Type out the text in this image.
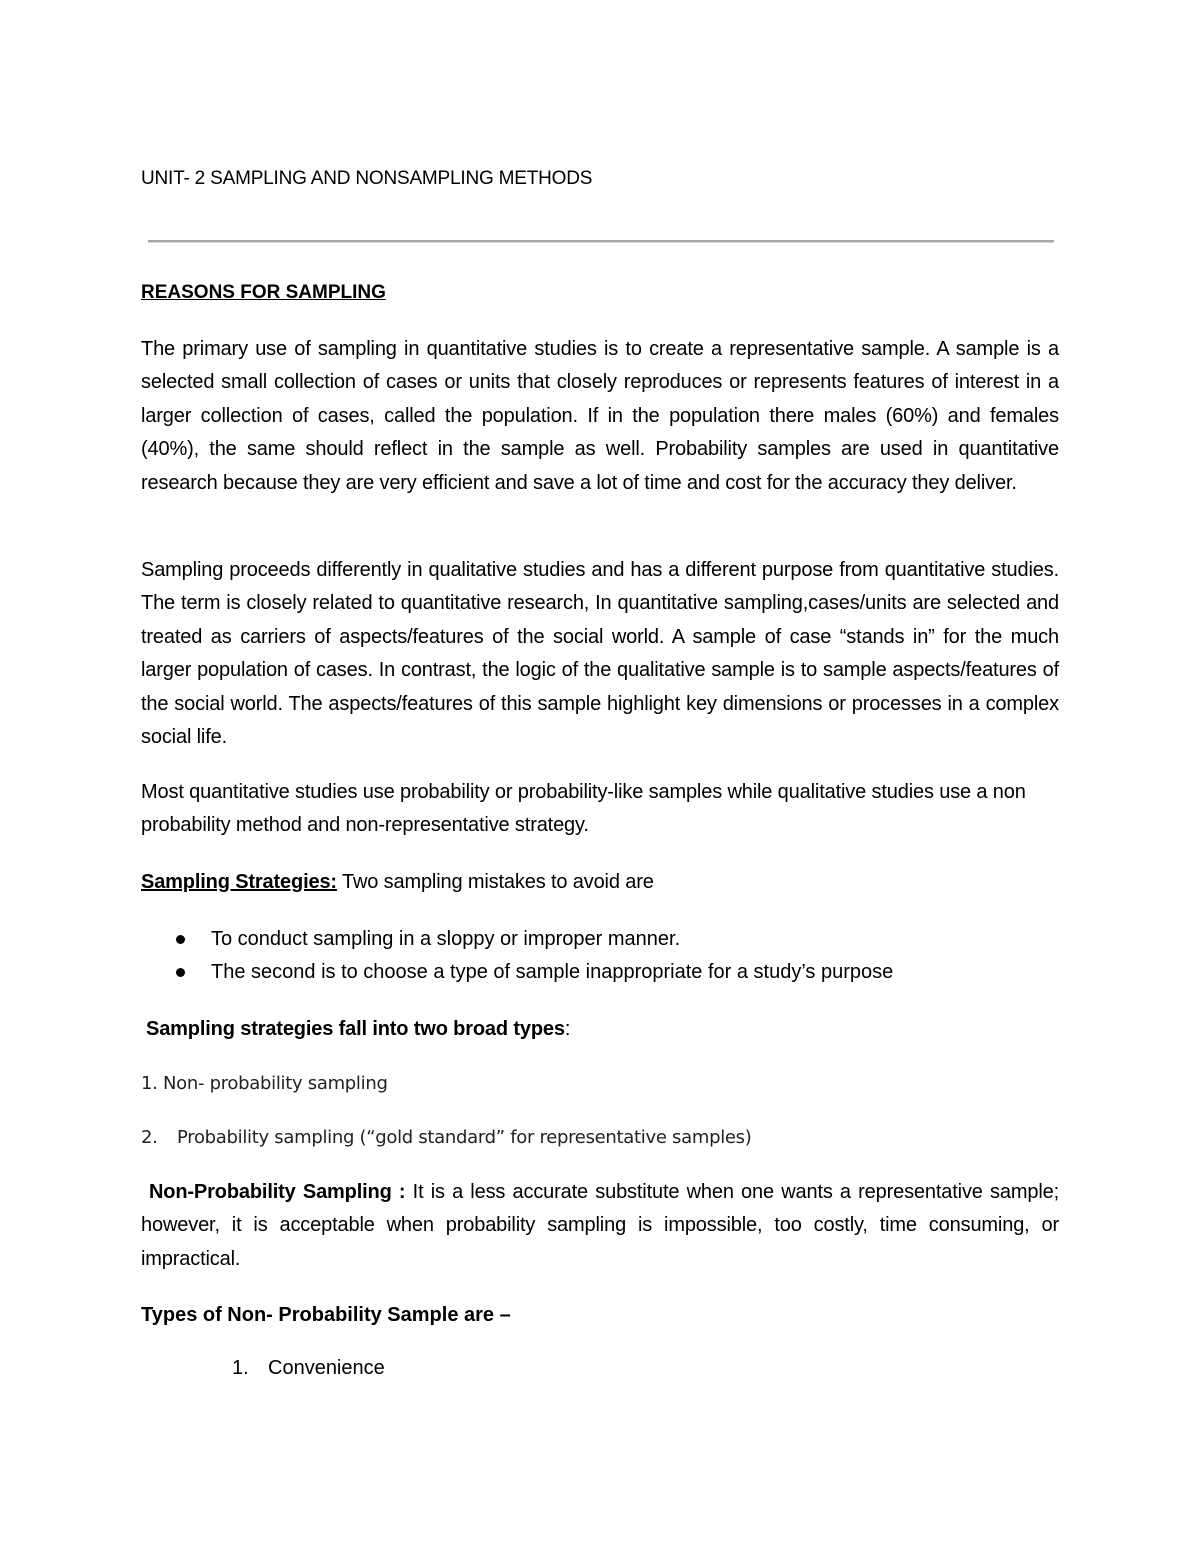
UNIT- 2 SAMPLING AND NONSAMPLING METHODS
REASONS FOR SAMPLING
The primary use of sampling in quantitative studies is to create a representative sample. A sample is a selected small collection of cases or units that closely reproduces or represents features of interest in a larger collection of cases, called the population. If in the population there males (60%) and females (40%), the same should reflect in the sample as well. Probability samples are used in quantitative research because they are very efficient and save a lot of time and cost for the accuracy they deliver.
Sampling proceeds differently in qualitative studies and has a different purpose from quantitative studies. The term is closely related to quantitative research, In quantitative sampling,cases/units are selected and treated as carriers of aspects/features of the social world. A sample of case “stands in” for the much larger population of cases. In contrast, the logic of the qualitative sample is to sample aspects/features of the social world. The aspects/features of this sample highlight key dimensions or processes in a complex social life.
Most quantitative studies use probability or probability-like samples while qualitative studies use a non probability method and non-representative strategy.
Sampling Strategies: Two sampling mistakes to avoid are
To conduct sampling in a sloppy or improper manner.
The second is to choose a type of sample inappropriate for a study’s purpose
Sampling strategies fall into two broad types:
1. Non- probability sampling
2. Probability sampling (“gold standard” for representative samples)
Non-Probability Sampling : It is a less accurate substitute when one wants a representative sample; however, it is acceptable when probability sampling is impossible, too costly, time consuming, or impractical.
Types of Non- Probability Sample are –
1. Convenience
